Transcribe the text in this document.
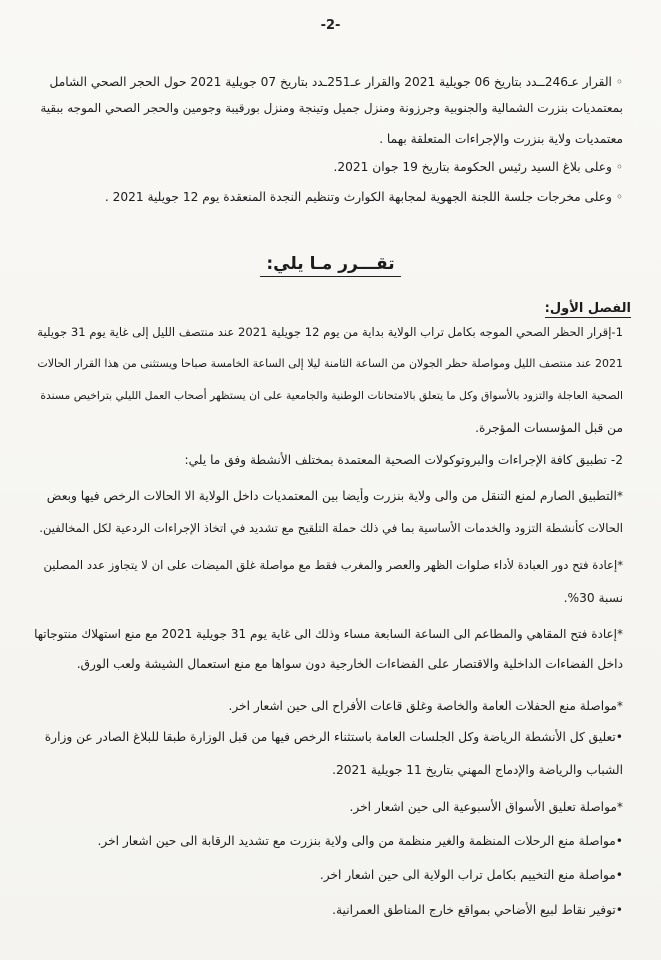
-2-
◦ القرار عـ246ــدد بتاريخ 06 جويلية 2021 والقرار عـ251ـدد بتاريخ 07 جويلية 2021 حول الحجر الصحي الشامل
بمعتمديات بنزرت الشمالية والجنوبية وجرزونة ومنزل جميل وتينجة ومنزل بورقيبة وجومين والحجر الصحي الموجه ببقية
معتمديات ولاية بنزرت والإجراءات المتعلقة بهما .
◦ وعلى بلاغ السيد رئيس الحكومة بتاريخ 19 جوان 2021.
◦ وعلى مخرجات جلسة اللجنة الجهوية لمجابهة الكوارث وتنظيم النجدة المنعقدة يوم 12 جويلية 2021 .
تقـــرر مـا يلي:
الفصل الأول:
1-إقرار الحظر الصحي الموجه بكامل تراب الولاية بداية من يوم 12 جويلية 2021 عند منتصف الليل إلى غاية يوم 31 جويلية
2021 عند منتصف الليل ومواصلة حظر الجولان من الساعة الثامنة ليلا إلى الساعة الخامسة صباحا ويستثنى من هذا القرار الحالات
الصحية العاجلة والتزود بالأسواق وكل ما يتعلق بالامتحانات الوطنية والجامعية على ان يستظهر أصحاب العمل الليلي بتراخيص مسندة
من قبل المؤسسات المؤجرة.
2- تطبيق كافة الإجراءات والبروتوكولات الصحية المعتمدة بمختلف الأنشطة وفق ما يلي:
*التطبيق الصارم لمنع التنقل من والى ولاية بنزرت وأيضا بين المعتمديات داخل الولاية الا الحالات الرخص فيها وبعض
الحالات كأنشطة التزود والخدمات الأساسية بما في ذلك حملة التلقيح مع تشديد في اتخاذ الإجراءات الردعية لكل المخالفين.
*إعادة فتح دور العبادة لأداء صلوات الظهر والعصر والمغرب فقط مع مواصلة غلق الميضات على ان لا يتجاوز عدد المصلين
نسبة 30%.
*إعادة فتح المقاهي والمطاعم الى الساعة السابعة مساء وذلك الى غاية يوم 31 جويلية 2021 مع منع استهلاك منتوجاتها
داخل الفضاءات الداخلية والاقتصار على الفضاءات الخارجية دون سواها مع منع استعمال الشيشة ولعب الورق.
*مواصلة منع الحفلات العامة والخاصة وغلق قاعات الأفراح الى حين اشعار اخر.
•تعليق كل الأنشطة الرياضة وكل الجلسات العامة باستثناء الرخص فيها من قبل الوزارة طبقا للبلاغ الصادر عن وزارة
الشباب والرياضة والإدماج المهني بتاريخ 11 جويلية 2021.
*مواصلة تعليق الأسواق الأسبوعية الى حين اشعار اخر.
•مواصلة منع الرحلات المنظمة والغير منظمة من والى ولاية بنزرت مع تشديد الرقابة الى حين اشعار اخر.
•مواصلة منع التخييم بكامل تراب الولاية الى حين اشعار اخر.
•توفير نقاط لبيع الأضاحي بمواقع خارج المناطق العمرانية.
